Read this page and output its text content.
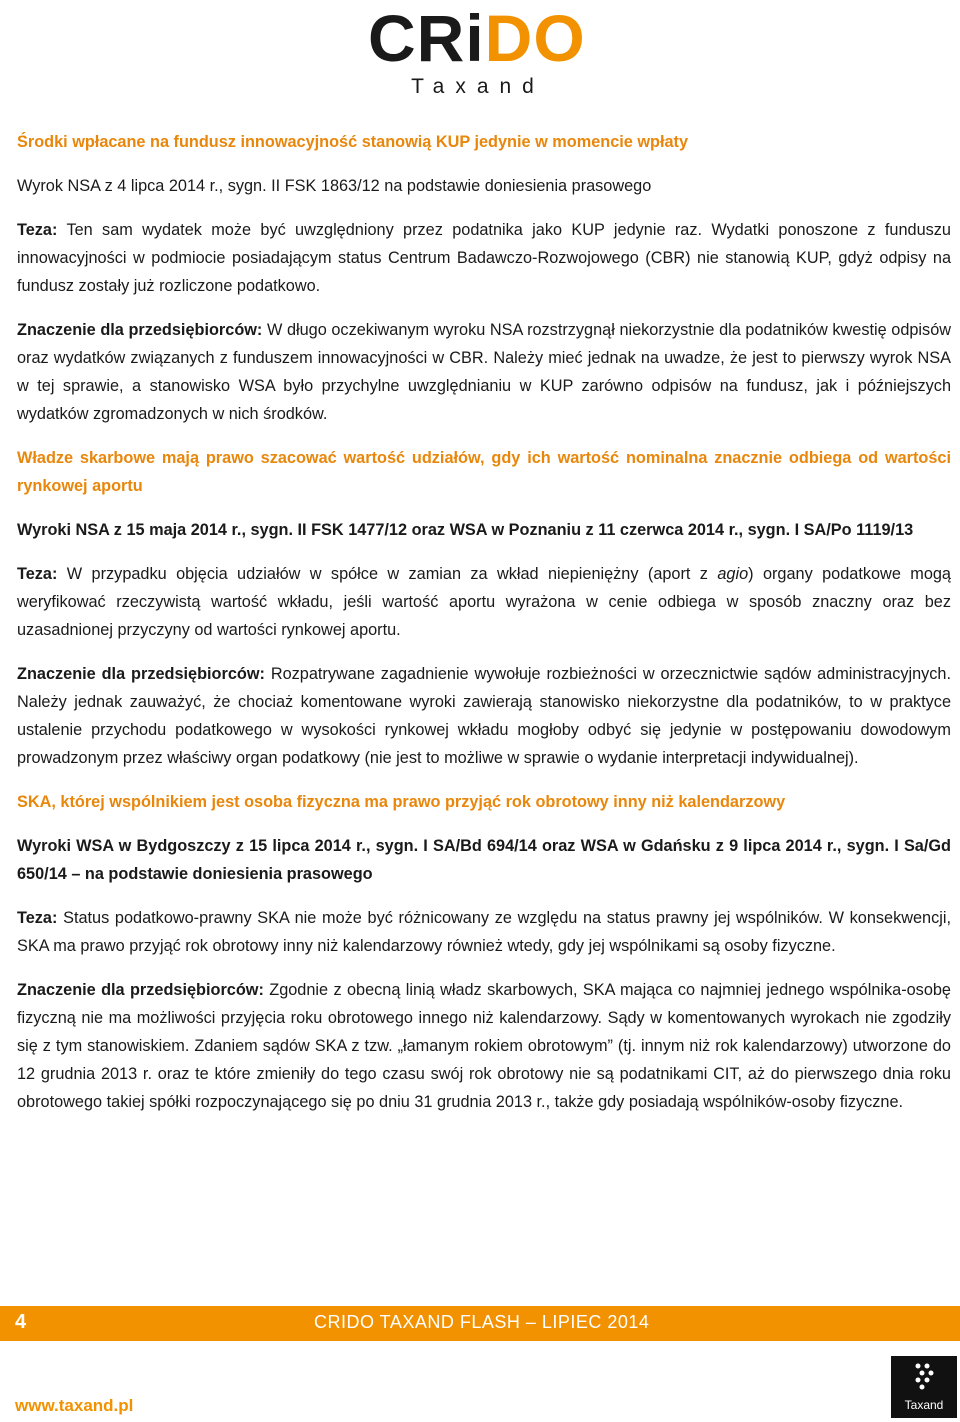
CRiDO
Taxand

Środki wpłacane na fundusz innowacyjność stanowią KUP jedynie w momencie wpłaty

Wyrok NSA z 4 lipca 2014 r., sygn. II FSK 1863/12 na podstawie doniesienia prasowego

Teza: Ten sam wydatek może być uwzględniony przez podatnika jako KUP jedynie raz. Wydatki ponoszone z funduszu innowacyjności w podmiocie posiadającym status Centrum Badawczo-Rozwojowego (CBR) nie stanowią KUP, gdyż odpisy na fundusz zostały już rozliczone podatkowo.

Znaczenie dla przedsiębiorców: W długo oczekiwanym wyroku NSA rozstrzygnął niekorzystnie dla podatników kwestię odpisów oraz wydatków związanych z funduszem innowacyjności w CBR. Należy mieć jednak na uwadze, że jest to pierwszy wyrok NSA w tej sprawie, a stanowisko WSA było przychylne uwzględnianiu w KUP zarówno odpisów na fundusz, jak i późniejszych wydatków zgromadzonych w nich środków.

Władze skarbowe mają prawo szacować wartość udziałów, gdy ich wartość nominalna znacznie odbiega od wartości rynkowej aportu

Wyroki NSA z 15 maja 2014 r., sygn. II FSK 1477/12 oraz WSA w Poznaniu z 11 czerwca 2014 r., sygn. I SA/Po 1119/13

Teza: W przypadku objęcia udziałów w spółce w zamian za wkład niepieniężny (aport z agio) organy podatkowe mogą weryfikować rzeczywistą wartość wkładu, jeśli wartość aportu wyrażona w cenie odbiega w sposób znaczny oraz bez uzasadnionej przyczyny od wartości rynkowej aportu.

Znaczenie dla przedsiębiorców: Rozpatrywane zagadnienie wywołuje rozbieżności w orzecznictwie sądów administracyjnych. Należy jednak zauważyć, że chociaż komentowane wyroki zawierają stanowisko niekorzystne dla podatników, to w praktyce ustalenie przychodu podatkowego w wysokości rynkowej wkładu mogłoby odbyć się jedynie w postępowaniu dowodowym prowadzonym przez właściwy organ podatkowy (nie jest to możliwe w sprawie o wydanie interpretacji indywidualnej).

SKA, której wspólnikiem jest osoba fizyczna ma prawo przyjąć rok obrotowy inny niż kalendarzowy

Wyroki WSA w Bydgoszczy z 15 lipca 2014 r., sygn. I SA/Bd 694/14 oraz WSA w Gdańsku z 9 lipca 2014 r., sygn. I Sa/Gd 650/14 – na podstawie doniesienia prasowego

Teza: Status podatkowo-prawny SKA nie może być różnicowany ze względu na status prawny jej wspólników. W konsekwencji, SKA ma prawo przyjąć rok obrotowy inny niż kalendarzowy również wtedy, gdy jej wspólnikami są osoby fizyczne.

Znaczenie dla przedsiębiorców: Zgodnie z obecną linią władz skarbowych, SKA mająca co najmniej jednego wspólnika-osobę fizyczną nie ma możliwości przyjęcia roku obrotowego innego niż kalendarzowy. Sądy w komentowanych wyrokach nie zgodziły się z tym stanowiskiem. Zdaniem sądów SKA z tzw. „łamanym rokiem obrotowym” (tj. innym niż rok kalendarzowy) utworzone do 12 grudnia 2013 r. oraz te które zmieniły do tego czasu swój rok obrotowy nie są podatnikami CIT, aż do pierwszego dnia roku obrotowego takiej spółki rozpoczynającego się po dniu 31 grudnia 2013 r., także gdy posiadają wspólników-osoby fizyczne.

4	CRIDO TAXAND FLASH – LIPIEC 2014
www.taxand.pl	Taxand
